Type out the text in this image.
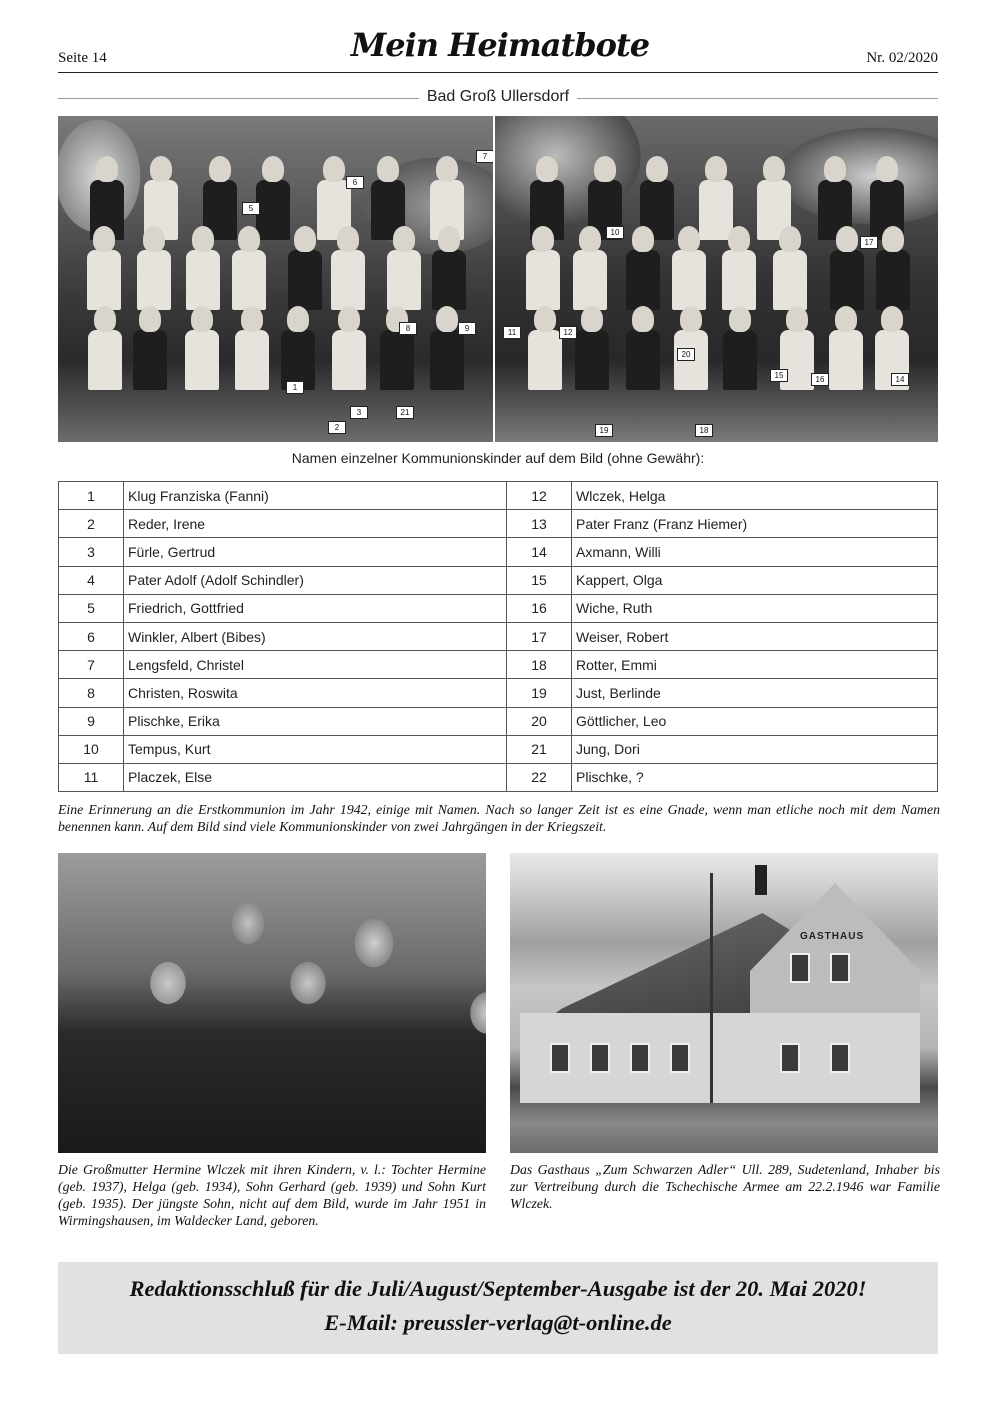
Seite 14	Mein Heimatbote	Nr. 02/2020
Bad Groß Ullersdorf
1
2
3
5
6
7
8	9
21
10
11	12
14
15	16
17
18
19
20
Namen einzelner Kommunionskinder auf dem Bild (ohne Gewähr):
1	Klug Franziska (Fanni)	12	Wlczek, Helga
2	Reder, Irene	13	Pater Franz (Franz Hiemer)
3	Fürle, Gertrud	14	Axmann, Willi
4	Pater Adolf (Adolf Schindler)	15	Kappert, Olga
5	Friedrich, Gottfried	16	Wiche, Ruth
6	Winkler, Albert (Bibes)	17	Weiser, Robert
7	Lengsfeld, Christel	18	Rotter, Emmi
8	Christen, Roswita	19	Just, Berlinde
9	Plischke, Erika	20	Göttlicher, Leo
10	Tempus, Kurt	21	Jung, Dori
11	Placzek, Else	22	Plischke, ?
Eine Erinnerung an die Erstkommunion im Jahr 1942, einige mit Namen. Nach so langer Zeit ist es eine Gnade, wenn man etliche noch mit dem Namen benennen kann. Auf dem Bild sind viele Kommunionskinder von zwei Jahrgängen in der Kriegszeit.
GASTHAUS
Die Großmutter Hermine Wlczek mit ihren Kindern, v. l.: Tochter Hermine (geb. 1937), Helga (geb. 1934), Sohn Gerhard (geb. 1939) und Sohn Kurt (geb. 1935). Der jüngste Sohn, nicht auf dem Bild, wurde im Jahr 1951 in Wirmingshausen, im Waldecker Land, geboren.
Das Gasthaus „Zum Schwarzen Adler“ Ull. 289, Sudetenland, Inhaber bis zur Vertreibung durch die Tschechische Armee am 22.2.1946 war Familie Wlczek.
Redaktionsschluß für die Juli/August/September-Ausgabe ist der 20. Mai 2020!
E-Mail: preussler-verlag@t-online.de
